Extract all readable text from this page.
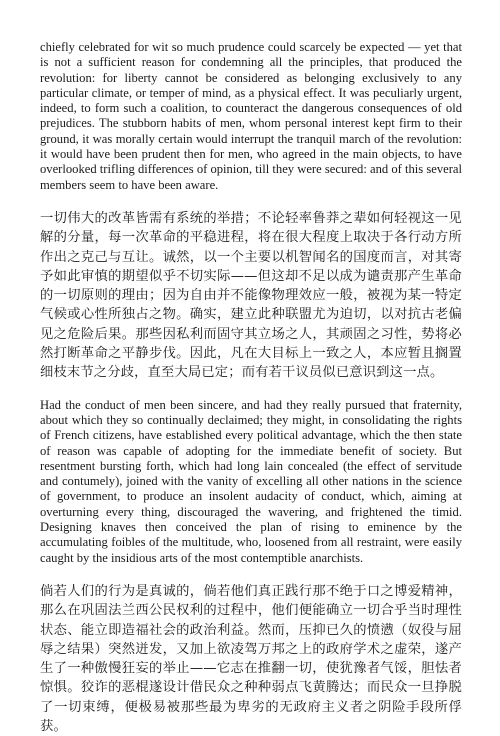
chiefly celebrated for wit so much prudence could scarcely be expected — yet that is not a sufficient reason for condemning all the principles, that produced the revolution: for liberty cannot be considered as belonging exclusively to any particular climate, or temper of mind, as a physical effect. It was peculiarly urgent, indeed, to form such a coalition, to counteract the dangerous consequences of old prejudices. The stubborn habits of men, whom personal interest kept firm to their ground, it was morally certain would interrupt the tranquil march of the revolution: it would have been prudent then for men, who agreed in the main objects, to have overlooked trifling differences of opinion, till they were secured: and of this several members seem to have been aware.

一切伟大的改革皆需有系统的举措；不论轻率鲁莽之辈如何轻视这一见解的分量，每一次革命的平稳进程，将在很大程度上取决于各行动方所作出之克己与互让。诚然，以一个主要以机智闻名的国度而言，对其寄予如此审慎的期望似乎不切实际——但这却不足以成为谴责那产生革命的一切原则的理由；因为自由并不能像物理效应一般，被视为某一特定气候或心性所独占之物。确实，建立此种联盟尤为迫切，以对抗古老偏见之危险后果。那些因私利而固守其立场之人，其顽固之习性，势将必然打断革命之平静步伐。因此，凡在大目标上一致之人，本应暂且搁置细枝末节之分歧，直至大局已定；而有若干议员似已意识到这一点。

Had the conduct of men been sincere, and had they really pursued that fraternity, about which they so continually declaimed; they might, in consolidating the rights of French citizens, have established every political advantage, which the then state of reason was capable of adopting for the immediate benefit of society. But resentment bursting forth, which had long lain concealed (the effect of servitude and contumely), joined with the vanity of excelling all other nations in the science of government, to produce an insolent audacity of conduct, which, aiming at overturning every thing, discouraged the wavering, and frightened the timid. Designing knaves then conceived the plan of rising to eminence by the accumulating foibles of the multitude, who, loosened from all restraint, were easily caught by the insidious arts of the most contemptible anarchists.

倘若人们的行为是真诚的，倘若他们真正践行那不绝于口之博爱精神，那么在巩固法兰西公民权利的过程中，他们便能确立一切合乎当时理性状态、能立即造福社会的政治利益。然而，压抑已久的愤懑（奴役与屈辱之结果）突然迸发，又加上欲凌驾万邦之上的政府学术之虚荣，遂产生了一种傲慢狂妄的举止——它志在推翻一切，使犹豫者气馁，胆怯者惊惧。狡诈的恶棍遂设计借民众之种种弱点飞黄腾达；而民众一旦挣脱了一切束缚，便极易被那些最为卑劣的无政府主义者之阴险手段所俘获。
